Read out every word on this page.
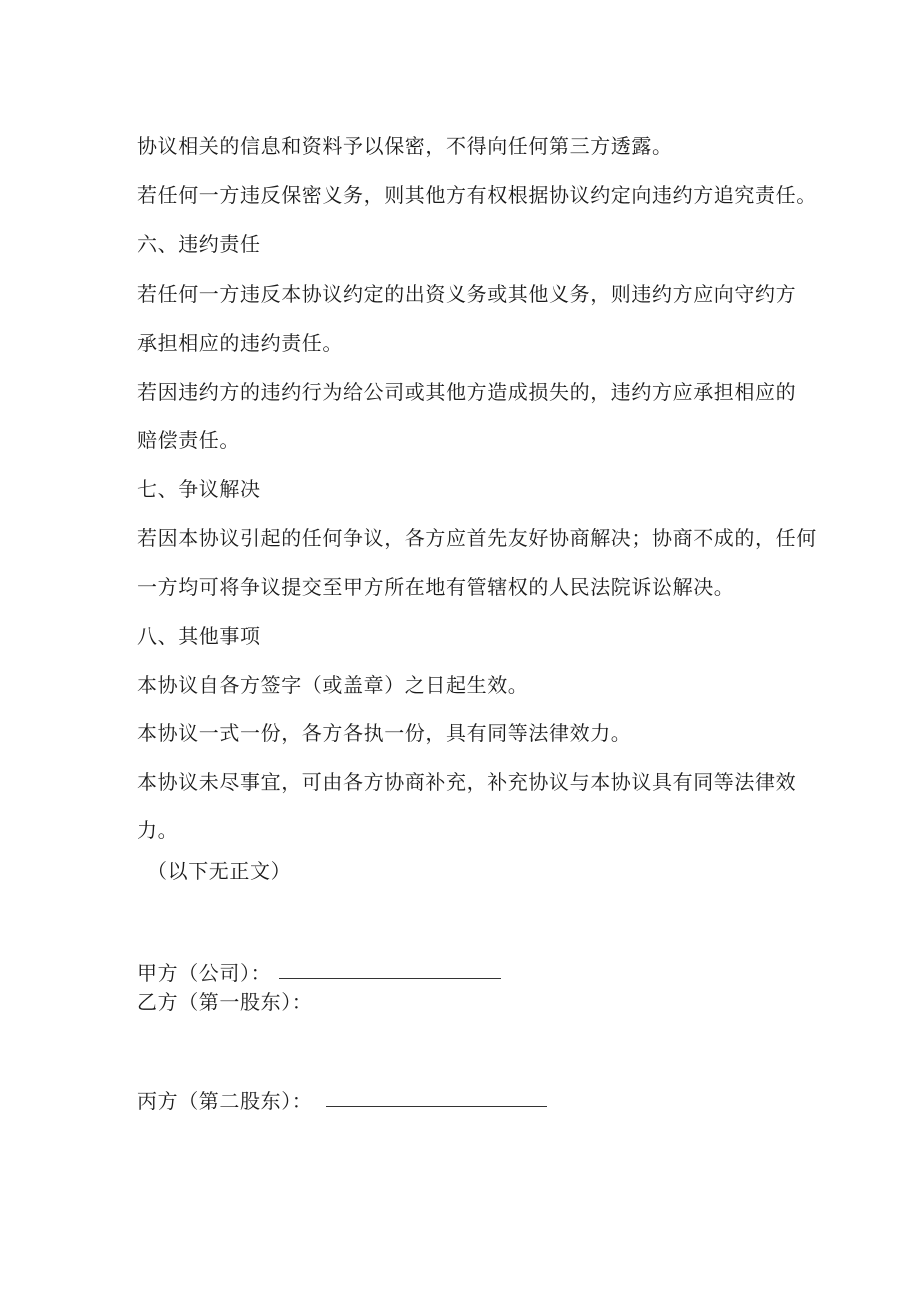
协议相关的信息和资料予以保密，不得向任何第三方透露。
若任何一方违反保密义务，则其他方有权根据协议约定向违约方追究责任。
六、违约责任
若任何一方违反本协议约定的出资义务或其他义务，则违约方应向守约方
承担相应的违约责任。
若因违约方的违约行为给公司或其他方造成损失的，违约方应承担相应的
赔偿责任。
七、争议解决
若因本协议引起的任何争议，各方应首先友好协商解决；协商不成的，任何
一方均可将争议提交至甲方所在地有管辖权的人民法院诉讼解决。
八、其他事项
本协议自各方签字（或盖章）之日起生效。
本协议一式一份，各方各执一份，具有同等法律效力。
本协议未尽事宜，可由各方协商补充，补充协议与本协议具有同等法律效
力。
（以下无正文）
甲方（公司）：
乙方（第一股东）：
丙方（第二股东）：
